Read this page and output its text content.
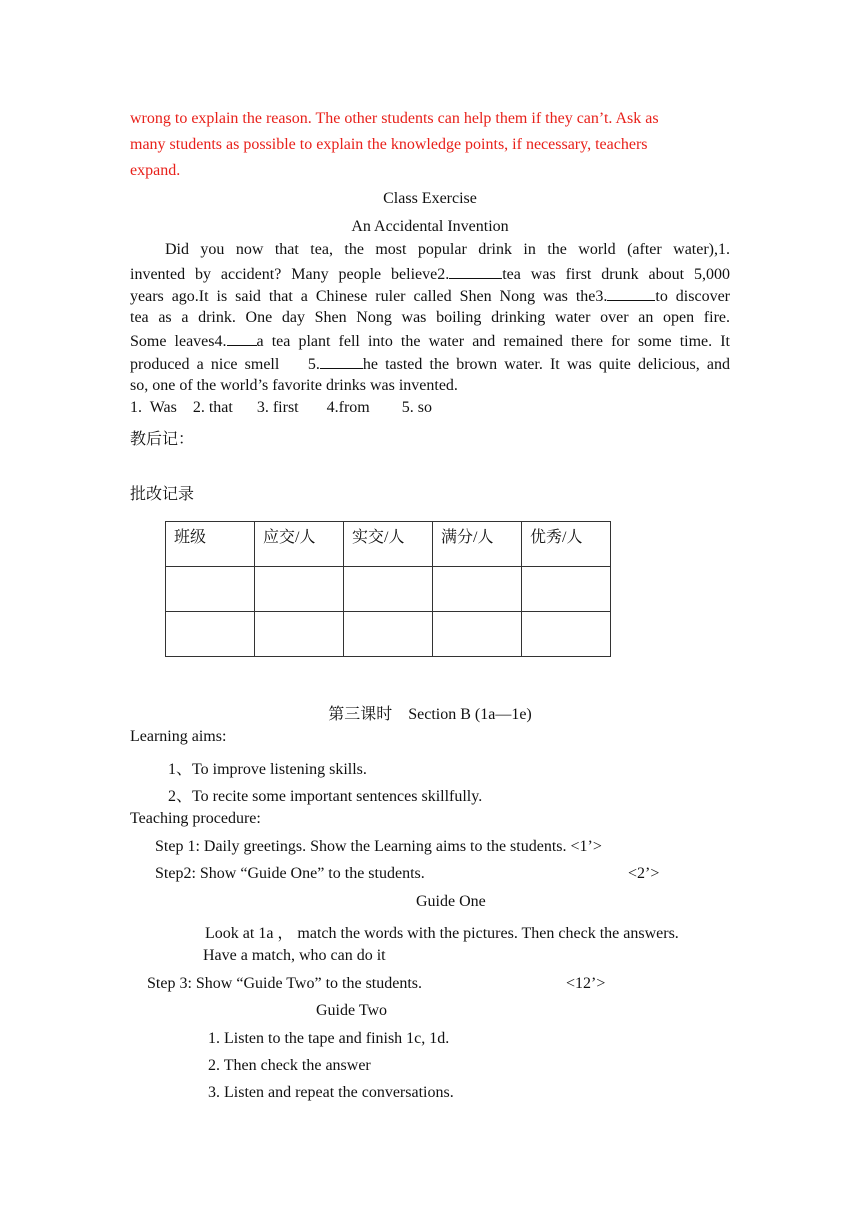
wrong to explain the reason. The other students can help them if they can’t. Ask as
many students as possible to explain the knowledge points, if necessary, teachers
expand.
Class Exercise
An Accidental Invention
Did you now that tea, the most popular drink in the world (after water),1.
invented by accident? Many people believe2.	tea was first drunk about 5,000
years ago.It is said that a Chinese ruler called Shen Nong was the3.	to discover
tea as a drink. One day Shen Nong was boiling drinking water over an open fire.
Some leaves4. a tea plant fell into the water and remained there for some time. It
produced a nice smell    5.	he tasted the brown water. It was quite delicious, and
so, one of the world’s favorite drinks was invented.
1.  Was    2. that      3. first       4.from        5. so
教后记：
批改记录
班级	应交/人	实交/人	满分/人	优秀/人

第三课时    Section B (1a—1e)
Learning aims:
1、To improve listening skills.
2、To recite some important sentences skillfully.
Teaching procedure:
Step 1: Daily greetings. Show the Learning aims to the students. <1’>
Step2: Show “Guide One” to the students.	<2’>
Guide One
Look at 1a ， match the words with the pictures. Then check the answers.
Have a match, who can do it
Step 3: Show “Guide Two” to the students.	<12’>
Guide Two
1. Listen to the tape and finish 1c, 1d.
2. Then check the answer
3. Listen and repeat the conversations.
